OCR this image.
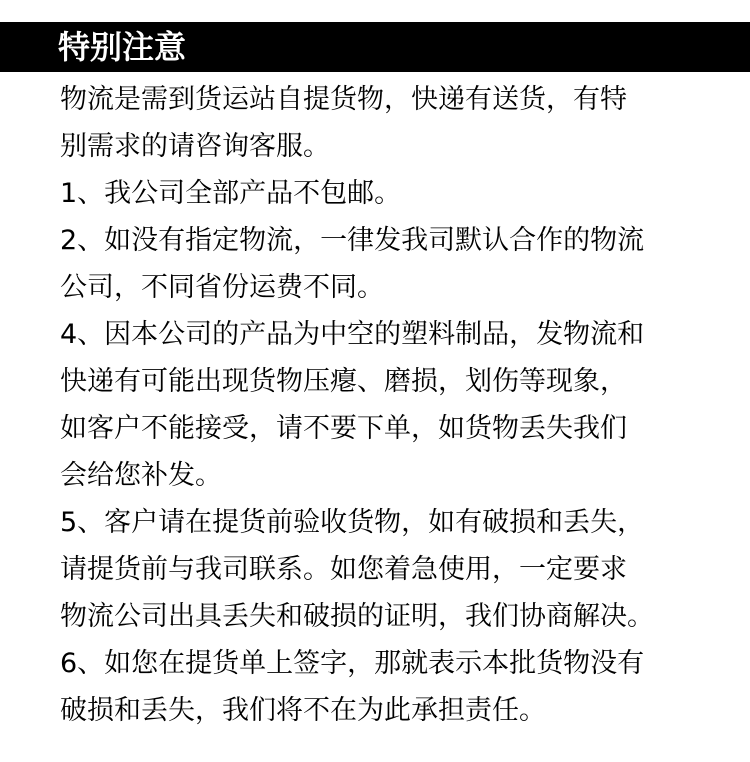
特别注意
物流是需到货运站自提货物，快递有送货，有特
别需求的请咨询客服。
1、我公司全部产品不包邮。
2、如没有指定物流，一律发我司默认合作的物流
公司，不同省份运费不同。
4、因本公司的产品为中空的塑料制品，发物流和
快递有可能出现货物压瘪、磨损，划伤等现象，
如客户不能接受，请不要下单，如货物丢失我们
会给您补发。
5、客户请在提货前验收货物，如有破损和丢失，
请提货前与我司联系。如您着急使用，一定要求
物流公司出具丢失和破损的证明，我们协商解决。
6、如您在提货单上签字，那就表示本批货物没有
破损和丢失，我们将不在为此承担责任。
